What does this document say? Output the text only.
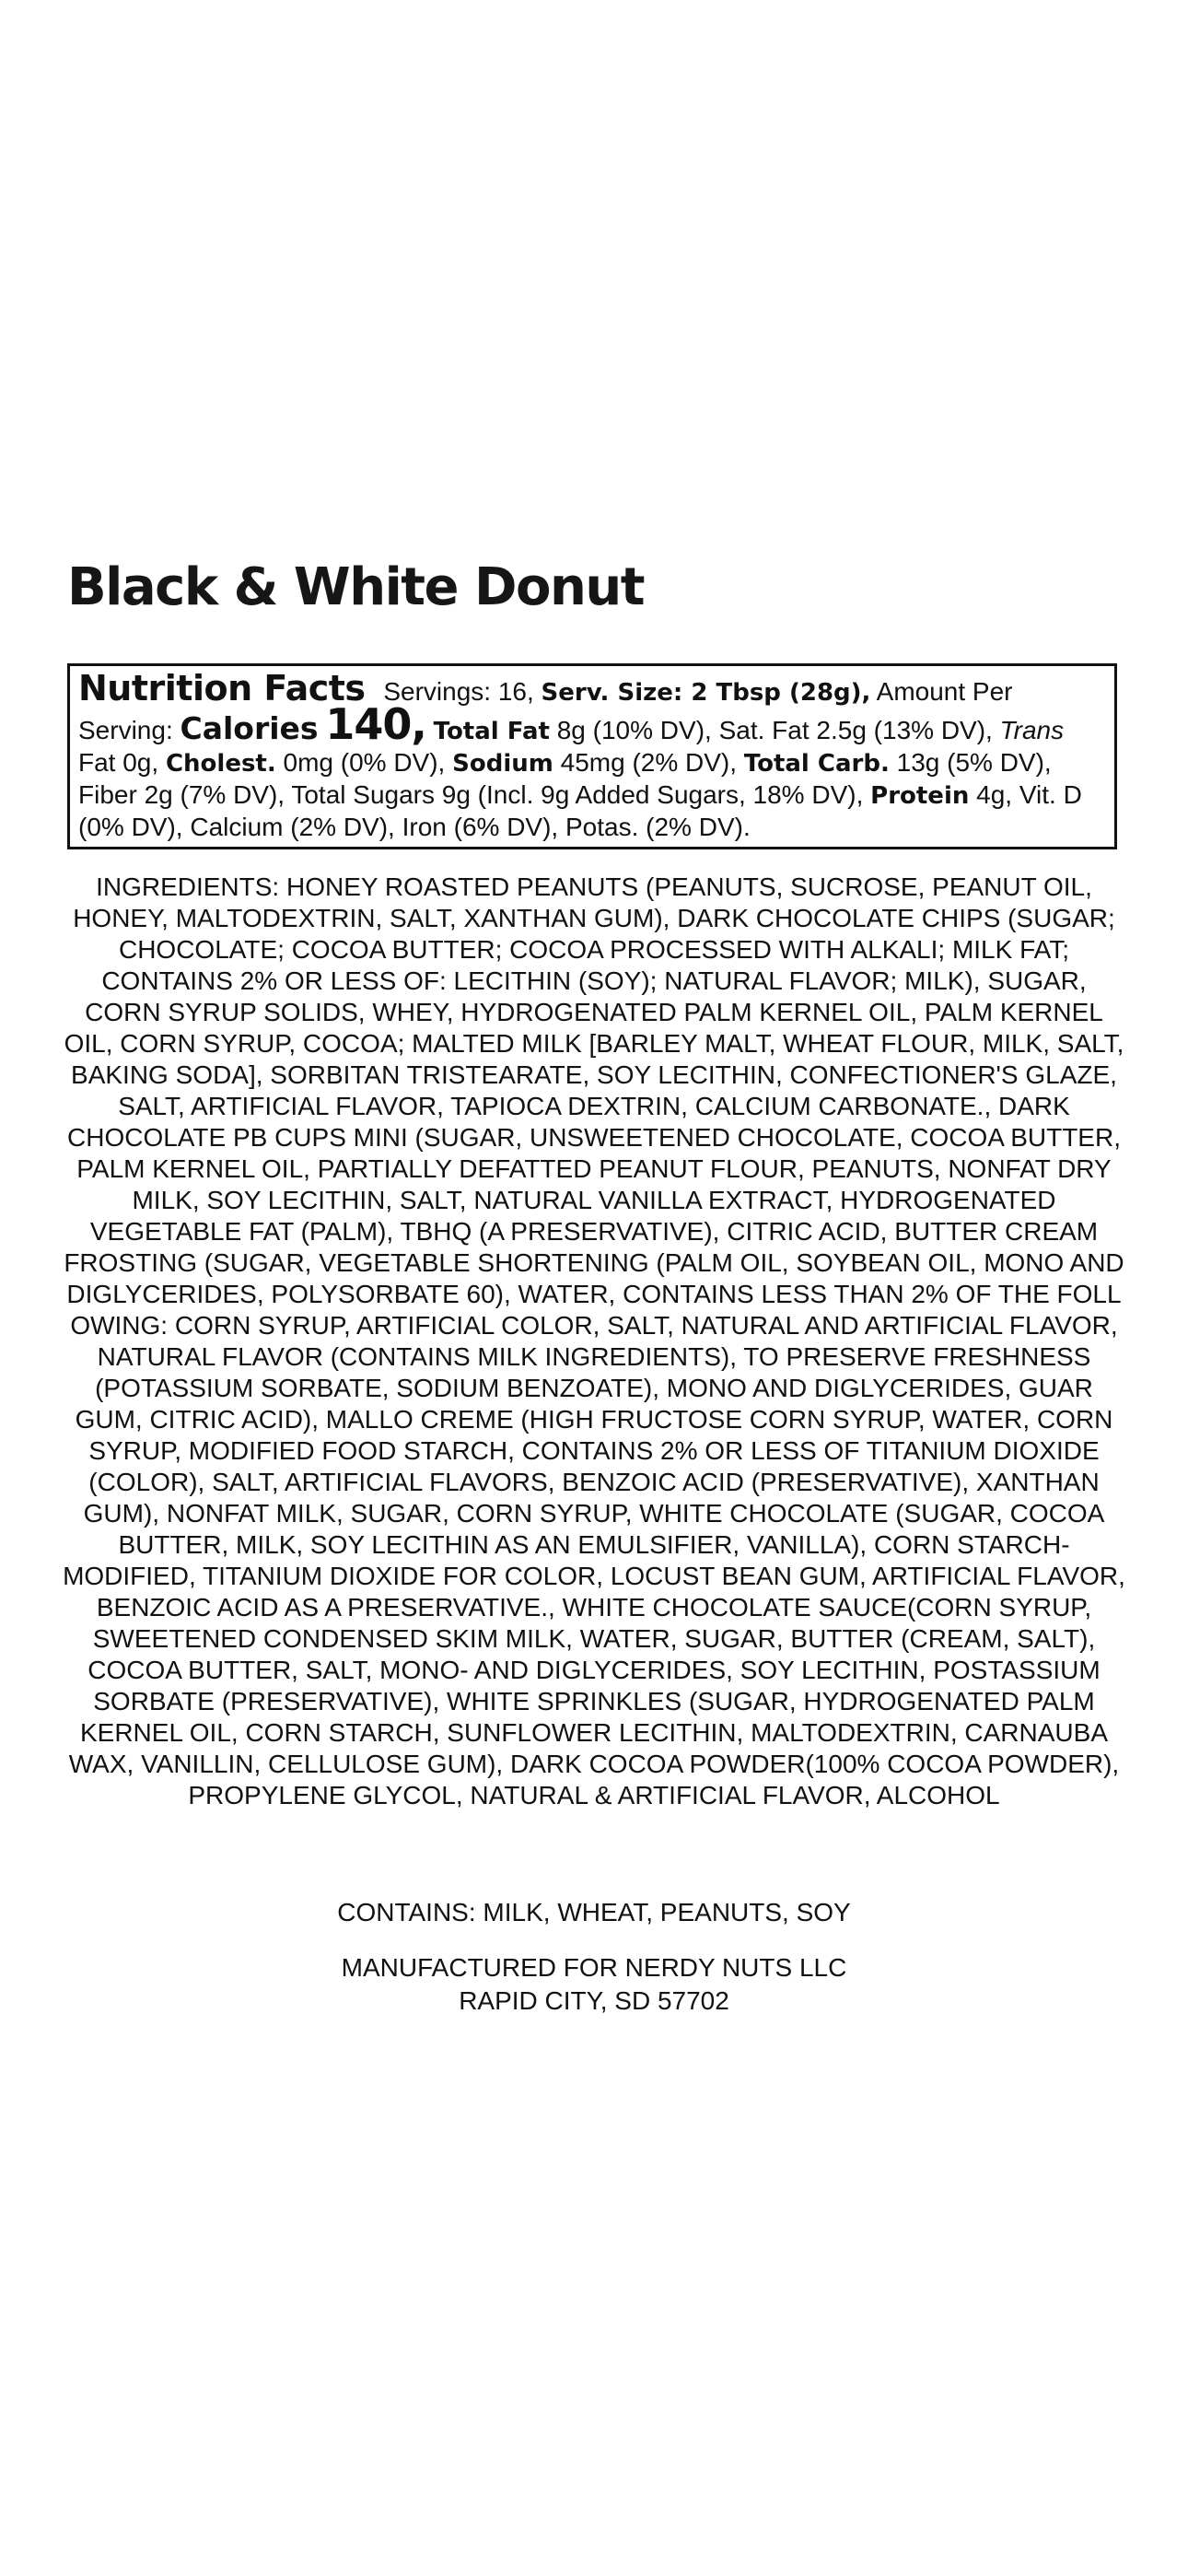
Black & White Donut
Nutrition Facts Servings: 16, Serv. Size: 2 Tbsp (28g), Amount Per Serving: Calories 140, Total Fat 8g (10% DV), Sat. Fat 2.5g (13% DV), Trans Fat 0g, Cholest. 0mg (0% DV), Sodium 45mg (2% DV), Total Carb. 13g (5% DV), Fiber 2g (7% DV), Total Sugars 9g (Incl. 9g Added Sugars, 18% DV), Protein 4g, Vit. D (0% DV), Calcium (2% DV), Iron (6% DV), Potas. (2% DV).

INGREDIENTS: HONEY ROASTED PEANUTS (PEANUTS, SUCROSE, PEANUT OIL, HONEY, MALTODEXTRIN, SALT, XANTHAN GUM), DARK CHOCOLATE CHIPS (SUGAR; CHOCOLATE; COCOA BUTTER; COCOA PROCESSED WITH ALKALI; MILK FAT; CONTAINS 2% OR LESS OF: LECITHIN (SOY); NATURAL FLAVOR; MILK), SUGAR, CORN SYRUP SOLIDS, WHEY, HYDROGENATED PALM KERNEL OIL, PALM KERNEL OIL, CORN SYRUP, COCOA; MALTED MILK [BARLEY MALT, WHEAT FLOUR, MILK, SALT, BAKING SODA], SORBITAN TRISTEARATE, SOY LECITHIN, CONFECTIONER'S GLAZE, SALT, ARTIFICIAL FLAVOR, TAPIOCA DEXTRIN, CALCIUM CARBONATE., DARK CHOCOLATE PB CUPS MINI (SUGAR, UNSWEETENED CHOCOLATE, COCOA BUTTER, PALM KERNEL OIL, PARTIALLY DEFATTED PEANUT FLOUR, PEANUTS, NONFAT DRY MILK, SOY LECITHIN, SALT, NATURAL VANILLA EXTRACT, HYDROGENATED VEGETABLE FAT (PALM), TBHQ (A PRESERVATIVE), CITRIC ACID, BUTTER CREAM FROSTING (SUGAR, VEGETABLE SHORTENING (PALM OIL, SOYBEAN OIL, MONO AND DIGLYCERIDES, POLYSORBATE 60), WATER, CONTAINS LESS THAN 2% OF THE FOLL OWING: CORN SYRUP, ARTIFICIAL COLOR, SALT, NATURAL AND ARTIFICIAL FLAVOR, NATURAL FLAVOR (CONTAINS MILK INGREDIENTS), TO PRESERVE FRESHNESS (POTASSIUM SORBATE, SODIUM BENZOATE), MONO AND DIGLYCERIDES, GUAR GUM, CITRIC ACID), MALLO CREME (HIGH FRUCTOSE CORN SYRUP, WATER, CORN SYRUP, MODIFIED FOOD STARCH, CONTAINS 2% OR LESS OF TITANIUM DIOXIDE (COLOR), SALT, ARTIFICIAL FLAVORS, BENZOIC ACID (PRESERVATIVE), XANTHAN GUM), NONFAT MILK, SUGAR, CORN SYRUP, WHITE CHOCOLATE (SUGAR, COCOA BUTTER, MILK, SOY LECITHIN AS AN EMULSIFIER, VANILLA), CORN STARCH-MODIFIED, TITANIUM DIOXIDE FOR COLOR, LOCUST BEAN GUM, ARTIFICIAL FLAVOR, BENZOIC ACID AS A PRESERVATIVE., WHITE CHOCOLATE SAUCE(CORN SYRUP, SWEETENED CONDENSED SKIM MILK, WATER, SUGAR, BUTTER (CREAM, SALT), COCOA BUTTER, SALT, MONO- AND DIGLYCERIDES, SOY LECITHIN, POSTASSIUM SORBATE (PRESERVATIVE), WHITE SPRINKLES (SUGAR, HYDROGENATED PALM KERNEL OIL, CORN STARCH, SUNFLOWER LECITHIN, MALTODEXTRIN, CARNAUBA WAX, VANILLIN, CELLULOSE GUM), DARK COCOA POWDER(100% COCOA POWDER), PROPYLENE GLYCOL, NATURAL & ARTIFICIAL FLAVOR, ALCOHOL

CONTAINS: MILK, WHEAT, PEANUTS, SOY

MANUFACTURED FOR NERDY NUTS LLC
RAPID CITY, SD 57702
